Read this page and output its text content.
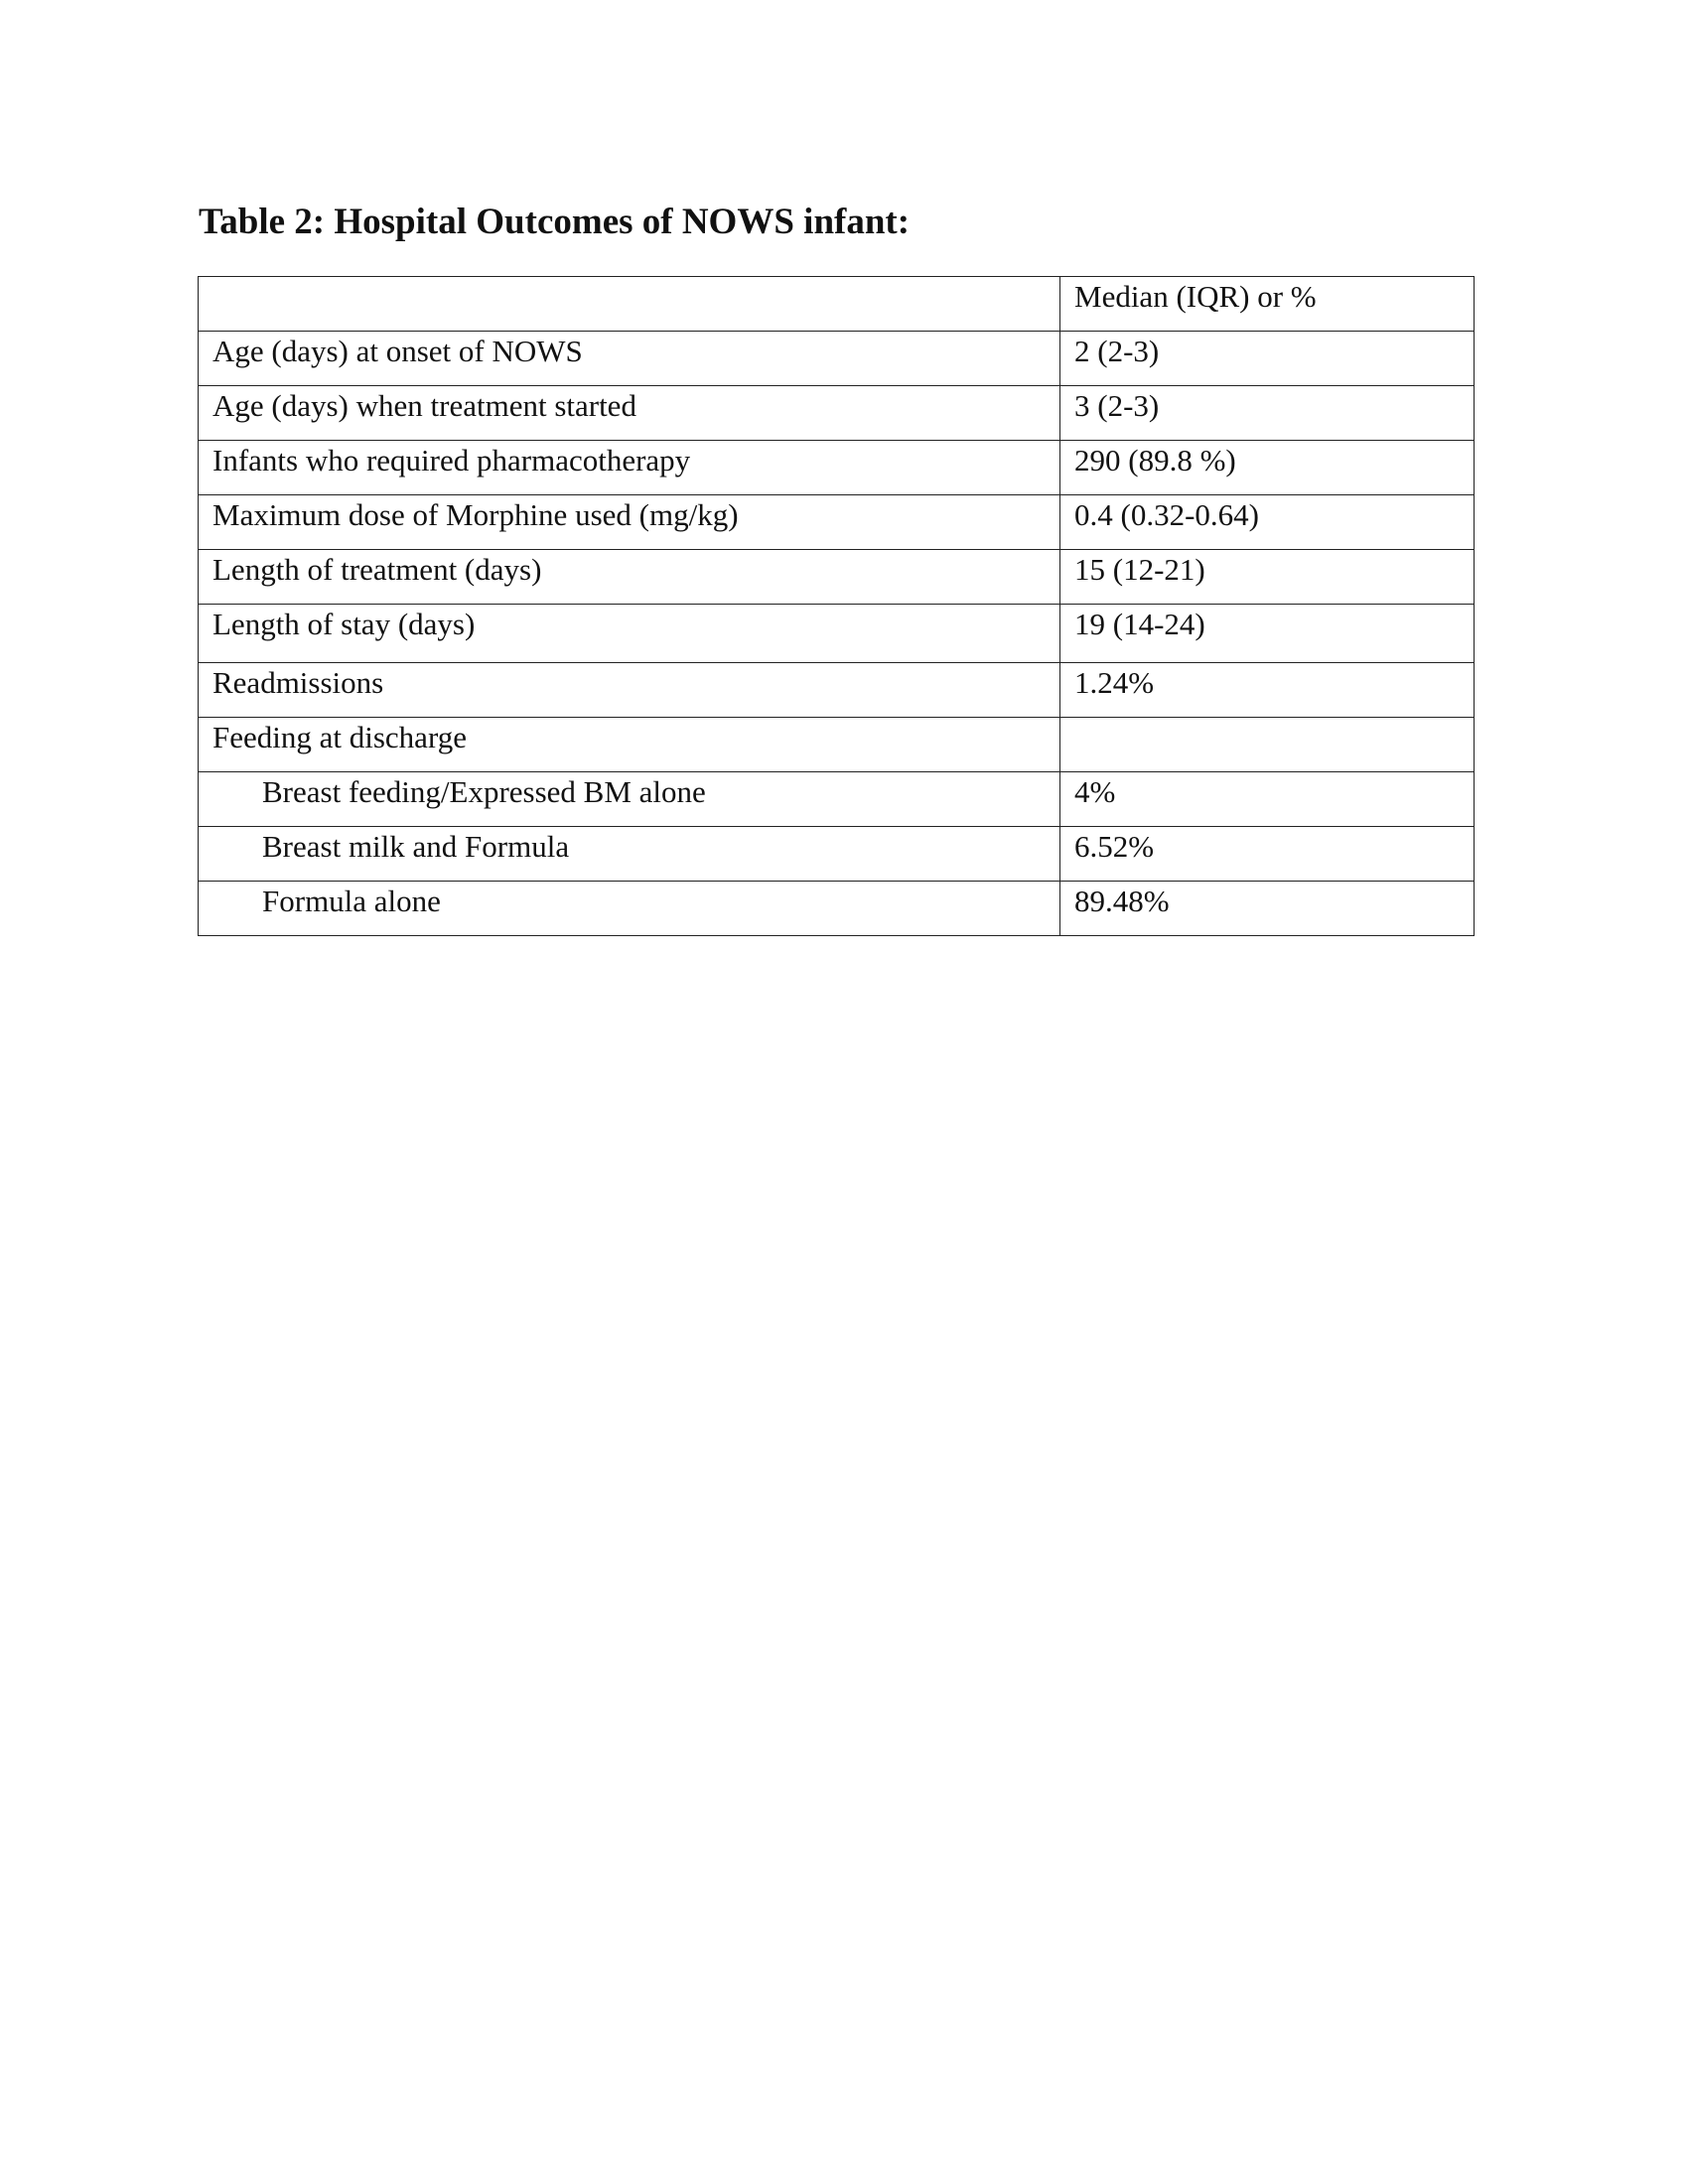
Table 2: Hospital Outcomes of NOWS infant:
	Median (IQR) or %
Age (days) at onset of NOWS	2 (2-3)
Age (days) when treatment started	3 (2-3)
Infants who required pharmacotherapy	290 (89.8 %)
Maximum dose of Morphine used (mg/kg)	0.4 (0.32-0.64)
Length of treatment (days)	15 (12-21)
Length of stay (days)	19 (14-24)
Readmissions	1.24%
Feeding at discharge	
Breast feeding/Expressed BM alone	4%
Breast milk and Formula	6.52%
Formula alone	89.48%
